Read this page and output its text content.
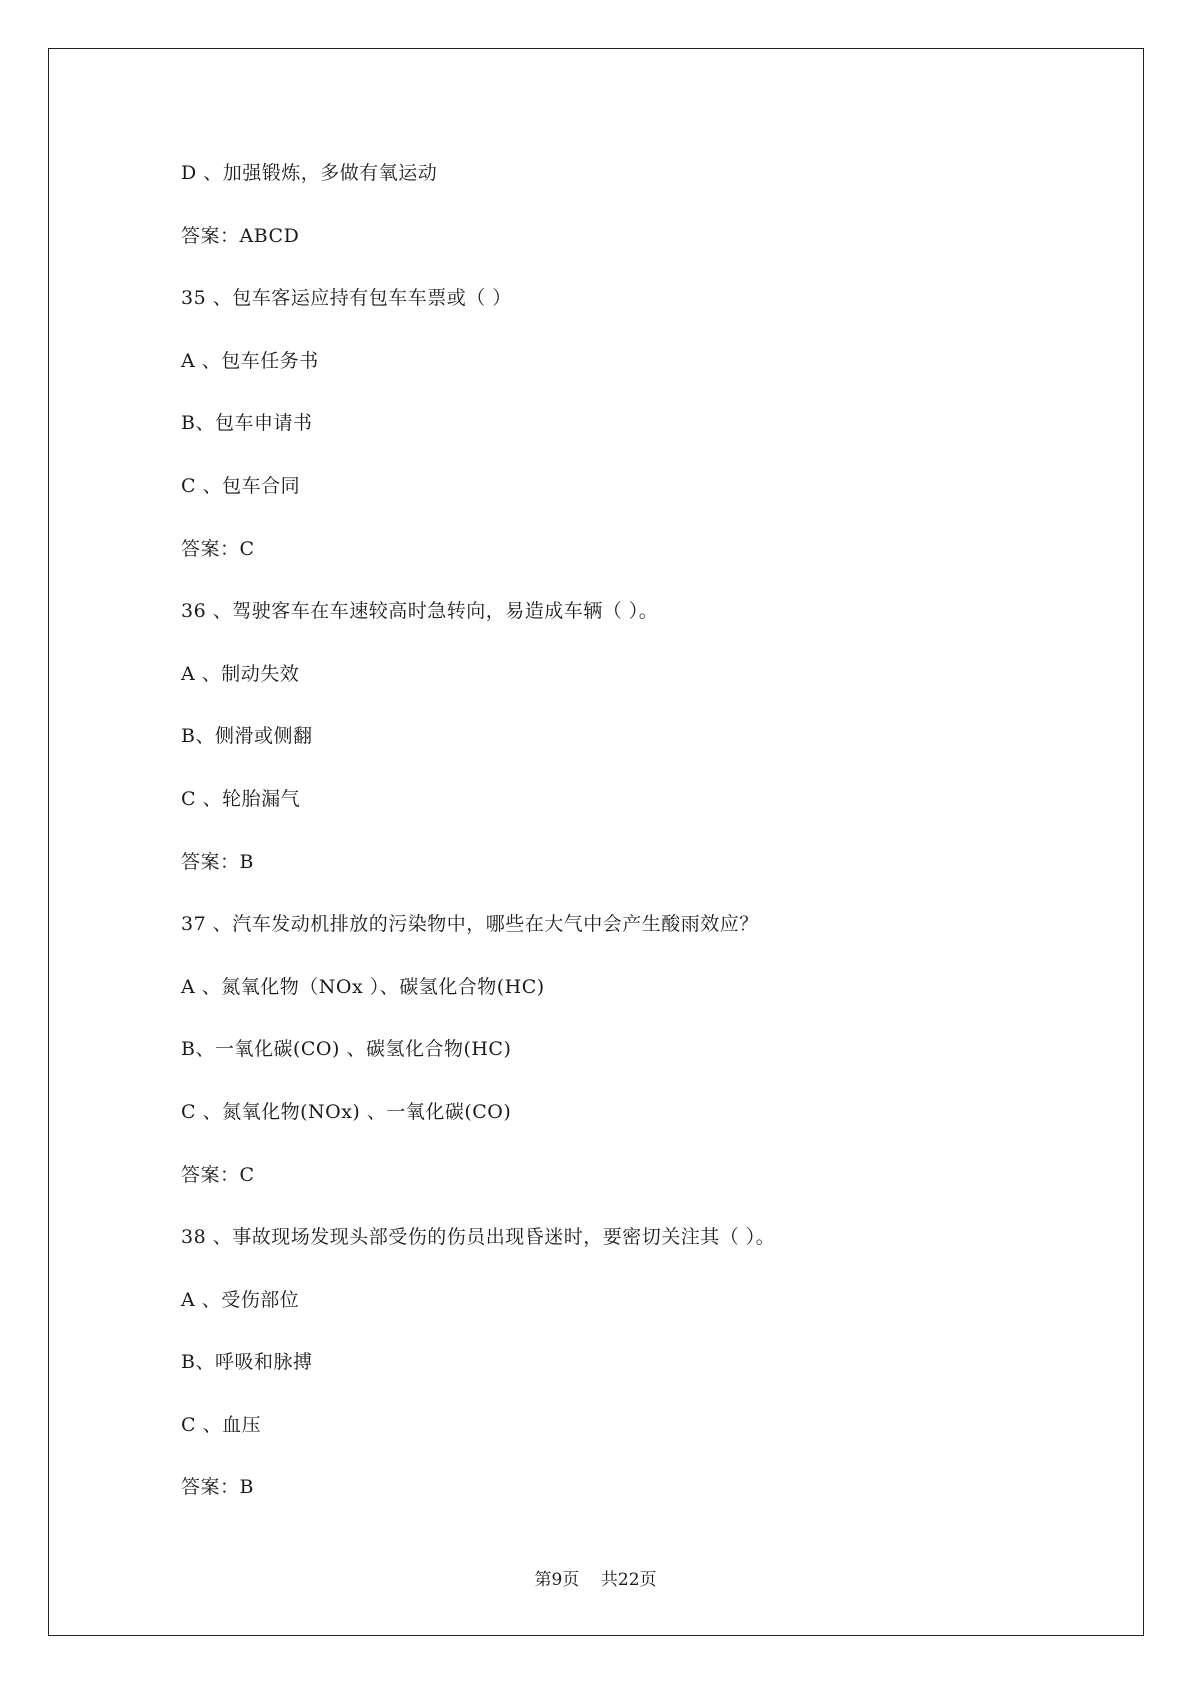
D 、加强锻炼，多做有氧运动
答案：ABCD
35 、包车客运应持有包车车票或（ ）
A 、包车任务书
B、包车申请书
C 、包车合同
答案：C
36 、驾驶客车在车速较高时急转向，易造成车辆（ ）。
A 、制动失效
B、侧滑或侧翻
C 、轮胎漏气
答案：B
37 、汽车发动机排放的污染物中，哪些在大气中会产生酸雨效应？
A 、氮氧化物（NOx ）、碳氢化合物(HC)
B、一氧化碳(CO) 、碳氢化合物(HC)
C 、氮氧化物(NOx) 、一氧化碳(CO)
答案：C
38 、事故现场发现头部受伤的伤员出现昏迷时，要密切关注其（ ）。
A 、受伤部位
B、呼吸和脉搏
C 、血压
答案：B
第9页    共22页
